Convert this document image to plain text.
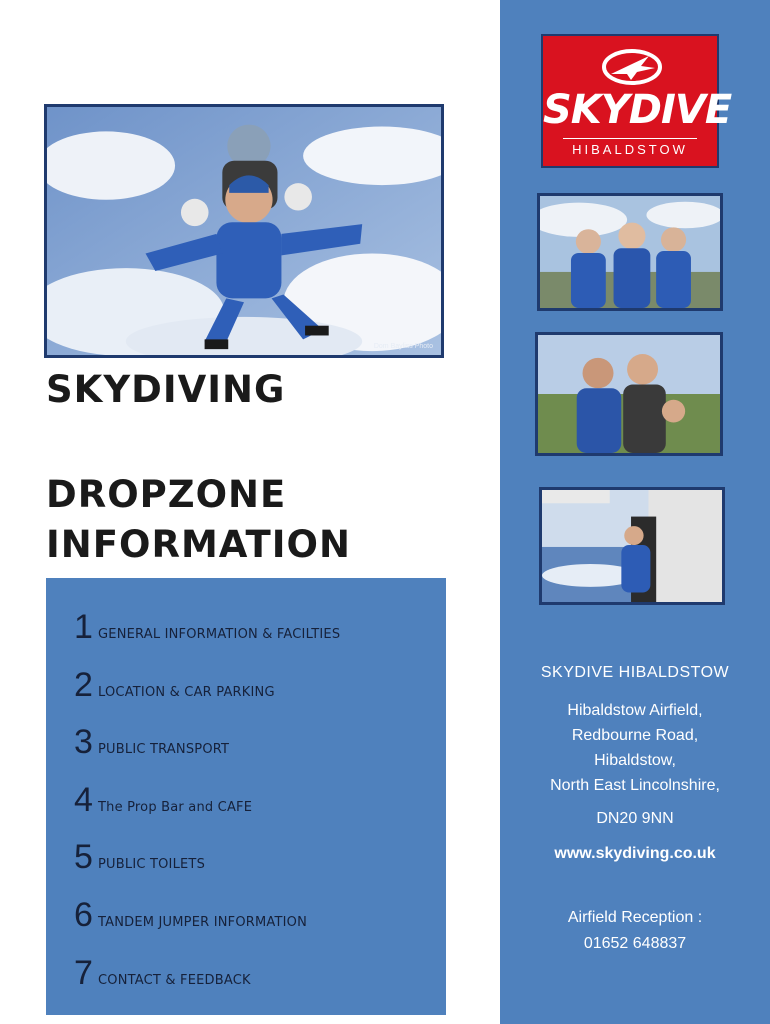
SKYDIVE
HIBALDSTOW
Dom Bayliss Photo
SKYDIVING
DROPZONE
INFORMATION
1 GENERAL INFORMATION & FACILTIES
2 LOCATION & CAR PARKING
3 PUBLIC TRANSPORT
4 The Prop Bar and CAFE
5 PUBLIC TOILETS
6 TANDEM JUMPER INFORMATION
7 CONTACT & FEEDBACK
SKYDIVE HIBALDSTOW
Hibaldstow Airfield,
Redbourne Road,
Hibaldstow,
North East Lincolnshire,
DN20 9NN
www.skydiving.co.uk
Airfield Reception :
01652 648837
